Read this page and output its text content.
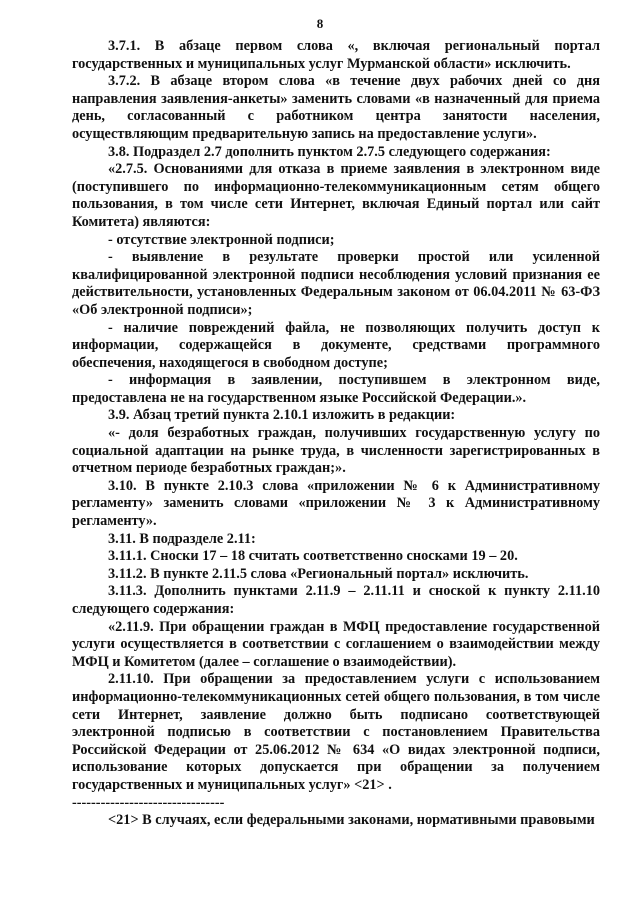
8

3.7.1. В абзаце первом слова «, включая региональный портал государственных и муниципальных услуг Мурманской области» исключить.

3.7.2. В абзаце втором слова «в течение двух рабочих дней со дня направления заявления-анкеты» заменить словами «в назначенный для приема день, согласованный с работником центра занятости населения, осуществляющим предварительную запись на предоставление услуги».

3.8. Подраздел 2.7 дополнить пунктом 2.7.5 следующего содержания:

«2.7.5. Основаниями для отказа в приеме заявления в электронном виде (поступившего по информационно-телекоммуникационным сетям общего пользования, в том числе сети Интернет, включая Единый портал или сайт Комитета) являются:

- отсутствие электронной подписи;

- выявление в результате проверки простой или усиленной квалифицированной электронной подписи несоблюдения условий признания ее действительности, установленных Федеральным законом от 06.04.2011 № 63-ФЗ «Об электронной подписи»;

- наличие повреждений файла, не позволяющих получить доступ к информации, содержащейся в документе, средствами программного обеспечения, находящегося в свободном доступе;

- информация в заявлении, поступившем в электронном виде, предоставлена не на государственном языке Российской Федерации.».

3.9. Абзац третий пункта 2.10.1 изложить в редакции:

«- доля безработных граждан, получивших государственную услугу по социальной адаптации на рынке труда, в численности зарегистрированных в отчетном периоде безработных граждан;».

3.10. В пункте 2.10.3 слова «приложении № 6 к Административному регламенту» заменить словами «приложении № 3 к Административному регламенту».

3.11. В подразделе 2.11:

3.11.1. Сноски 17 – 18 считать соответственно сносками 19 – 20.

3.11.2. В пункте 2.11.5 слова «Региональный портал» исключить.

3.11.3. Дополнить пунктами 2.11.9 – 2.11.11 и сноской к пункту 2.11.10 следующего содержания:

«2.11.9. При обращении граждан в МФЦ предоставление государственной услуги осуществляется в соответствии с соглашением о взаимодействии между МФЦ и Комитетом (далее – соглашение о взаимодействии).

2.11.10. При обращении за предоставлением услуги с использованием информационно-телекоммуникационных сетей общего пользования, в том числе сети Интернет, заявление должно быть подписано соответствующей электронной подписью в соответствии с постановлением Правительства Российской Федерации от 25.06.2012 № 634 «О видах электронной подписи, использование которых допускается при обращении за получением государственных и муниципальных услуг» <21> .

--------------------------------

<21> В случаях, если федеральными законами, нормативными правовыми
